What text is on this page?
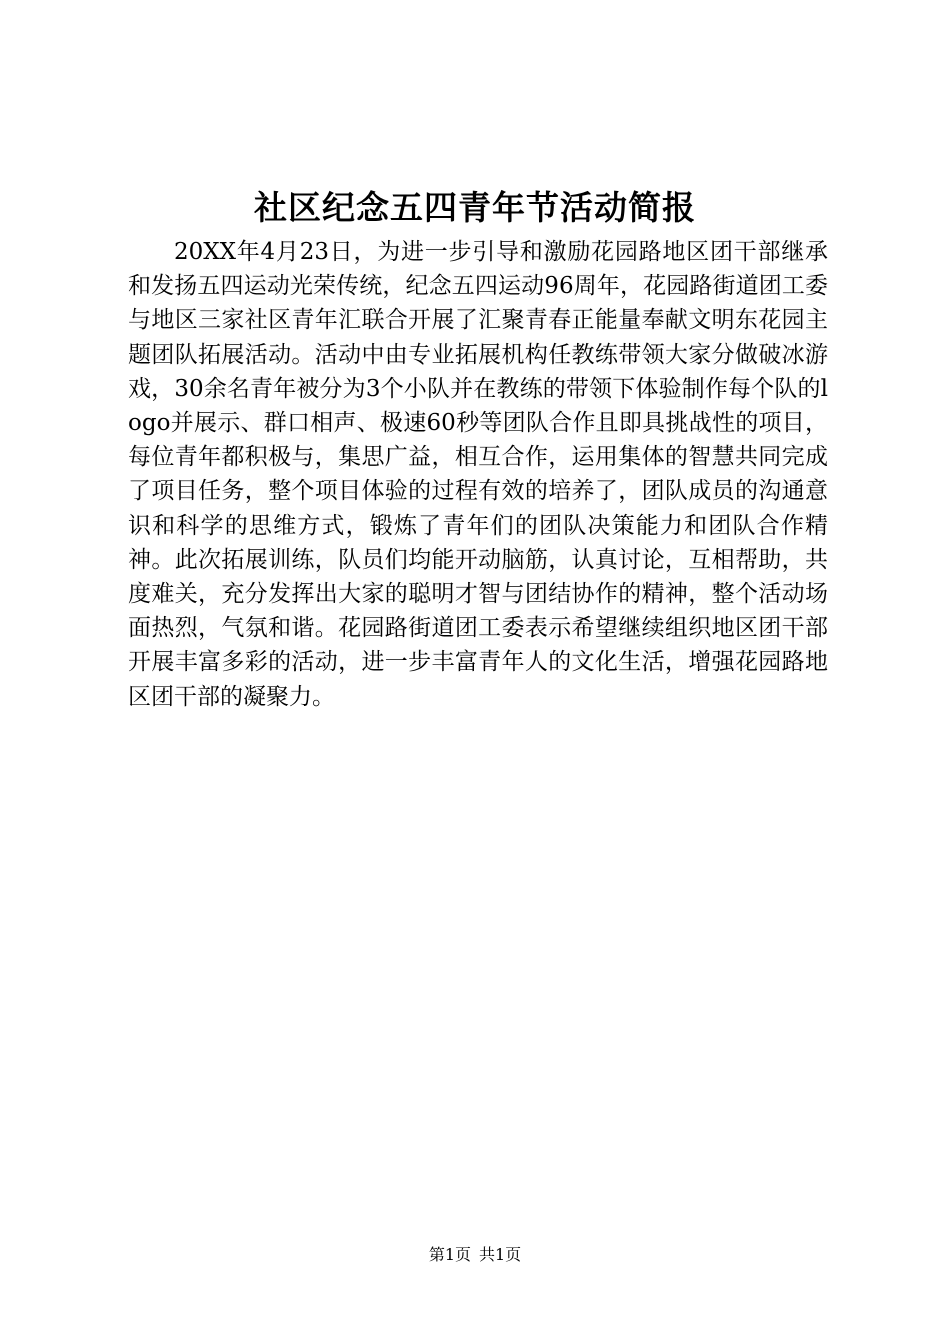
社区纪念五四青年节活动简报

20XX年4月23日，为进一步引导和激励花园路地区团干部继承和发扬五四运动光荣传统，纪念五四运动96周年，花园路街道团工委与地区三家社区青年汇联合开展了汇聚青春正能量奉献文明东花园主题团队拓展活动。活动中由专业拓展机构任教练带领大家分做破冰游戏，30余名青年被分为3个小队并在教练的带领下体验制作每个队的logo并展示、群口相声、极速60秒等团队合作且即具挑战性的项目，每位青年都积极与，集思广益，相互合作，运用集体的智慧共同完成了项目任务，整个项目体验的过程有效的培养了，团队成员的沟通意识和科学的思维方式，锻炼了青年们的团队决策能力和团队合作精神。此次拓展训练，队员们均能开动脑筋，认真讨论，互相帮助，共度难关，充分发挥出大家的聪明才智与团结协作的精神，整个活动场面热烈，气氛和谐。花园路街道团工委表示希望继续组织地区团干部开展丰富多彩的活动，进一步丰富青年人的文化生活，增强花园路地区团干部的凝聚力。

第1页 共1页
